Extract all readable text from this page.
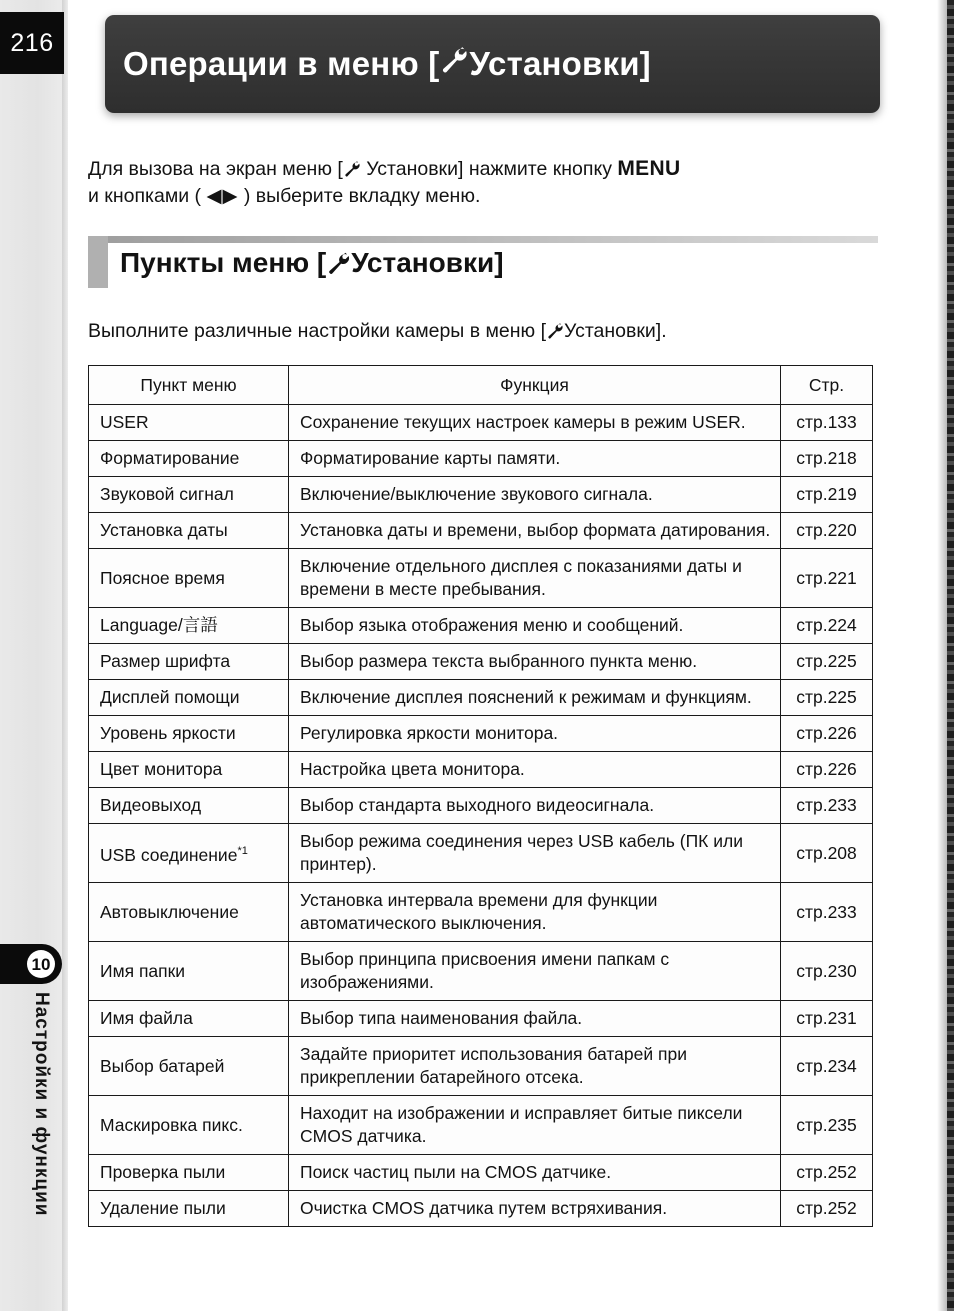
216
10
Настройки и функции
Операции в меню [ Установки]
Для вызова на экран меню [ Установки] нажмите кнопку MENU
и кнопками ( ◀▶ ) выберите вкладку меню.
Пункты меню [ Установки]
Выполните различные настройки камеры в меню [ Установки].
Пункт меню	Функция	Стр.
USER	Сохранение текущих настроек камеры в режим USER.	стр.133
Форматирование	Форматирование карты памяти.	стр.218
Звуковой сигнал	Включение/выключение звукового сигнала.	стр.219
Установка даты	Установка даты и времени, выбор формата датирования.	стр.220
Поясное время	Включение отдельного дисплея с показаниями даты и времени в месте пребывания.	стр.221
Language/言語	Выбор языка отображения меню и сообщений.	стр.224
Размер шрифта	Выбор размера текста выбранного пункта меню.	стр.225
Дисплей помощи	Включение дисплея пояснений к режимам и функциям.	стр.225
Уровень яркости	Регулировка яркости монитора.	стр.226
Цвет монитора	Настройка цвета монитора.	стр.226
Видеовыход	Выбор стандарта выходного видеосигнала.	стр.233
USB соединение$^{*1}$	Выбор режима соединения через USB кабель (ПК или принтер).	стр.208
Автовыключение	Установка интервала времени для функции автоматического выключения.	стр.233
Имя папки	Выбор принципа присвоения имени папкам с изображениями.	стр.230
Имя файла	Выбор типа наименования файла.	стр.231
Выбор батарей	Задайте приоритет использования батарей при прикреплении батарейного отсека.	стр.234
Маскировка пикс.	Находит на изображении и исправляет битые пиксели CMOS датчика.	стр.235
Проверка пыли	Поиск частиц пыли на CMOS датчике.	стр.252
Удаление пыли	Очистка CMOS датчика путем встряхивания.	стр.252
